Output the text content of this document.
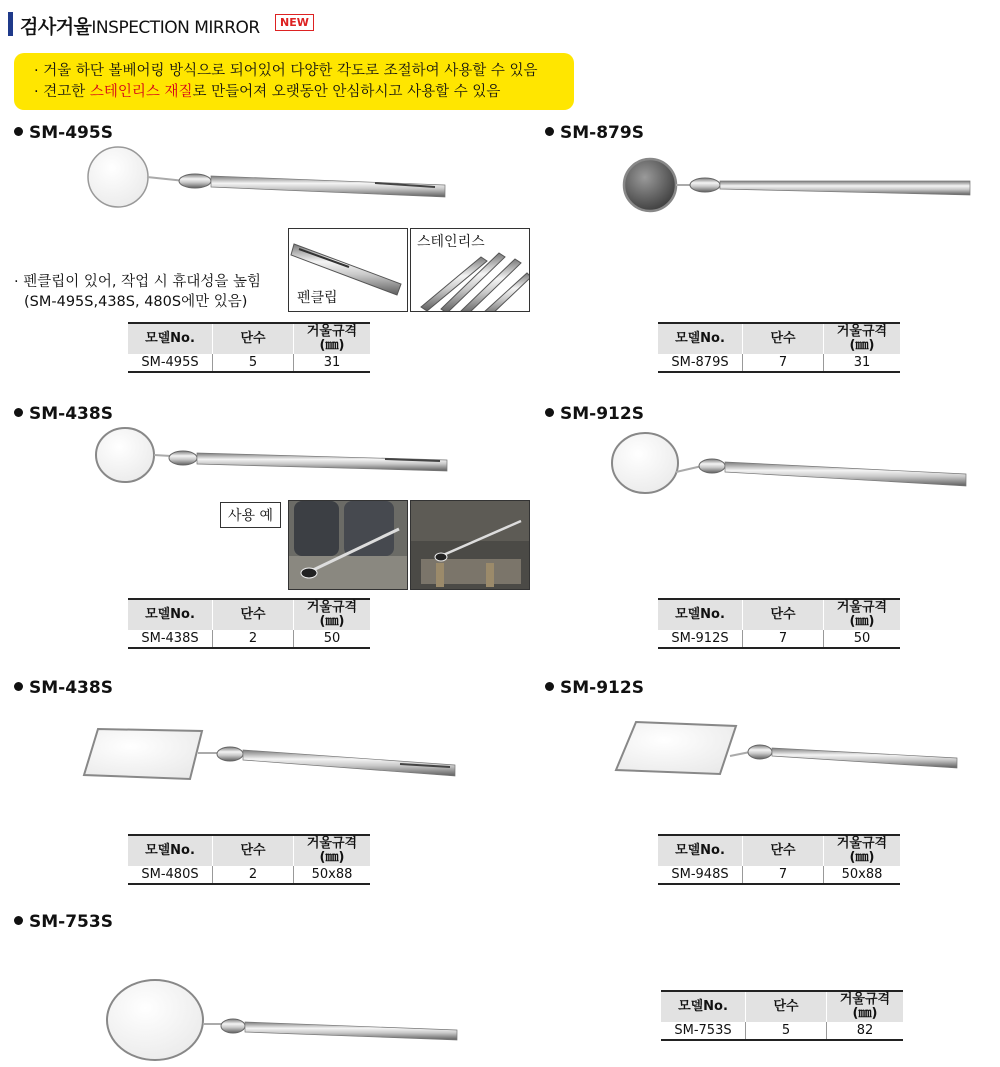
검사거울INSPECTION MIRROR	NEW
· 거울 하단 볼베어링 방식으로 되어있어 다양한 각도로 조절하여 사용할 수 있음
· 견고한 스테인리스 재질로 만들어져 오랫동안 안심하시고 사용할 수 있음
SM-495S
펜클립
스테인리스
· 펜클립이 있어, 작업 시 휴대성을 높힘
(SM-495S,438S, 480S에만 있음)
모델No.	단수	거울규격
(㎜)
SM-495S	5	31
SM-879S
모델No.	단수	거울규격
(㎜)
SM-879S	7	31
SM-438S
사용 예
모델No.	단수	거울규격
(㎜)
SM-438S	2	50
SM-912S
모델No.	단수	거울규격
(㎜)
SM-912S	7	50
SM-438S
모델No.	단수	거울규격
(㎜)
SM-480S	2	50x88
SM-912S
모델No.	단수	거울규격
(㎜)
SM-948S	7	50x88
SM-753S
모델No.	단수	거울규격
(㎜)
SM-753S	5	82
